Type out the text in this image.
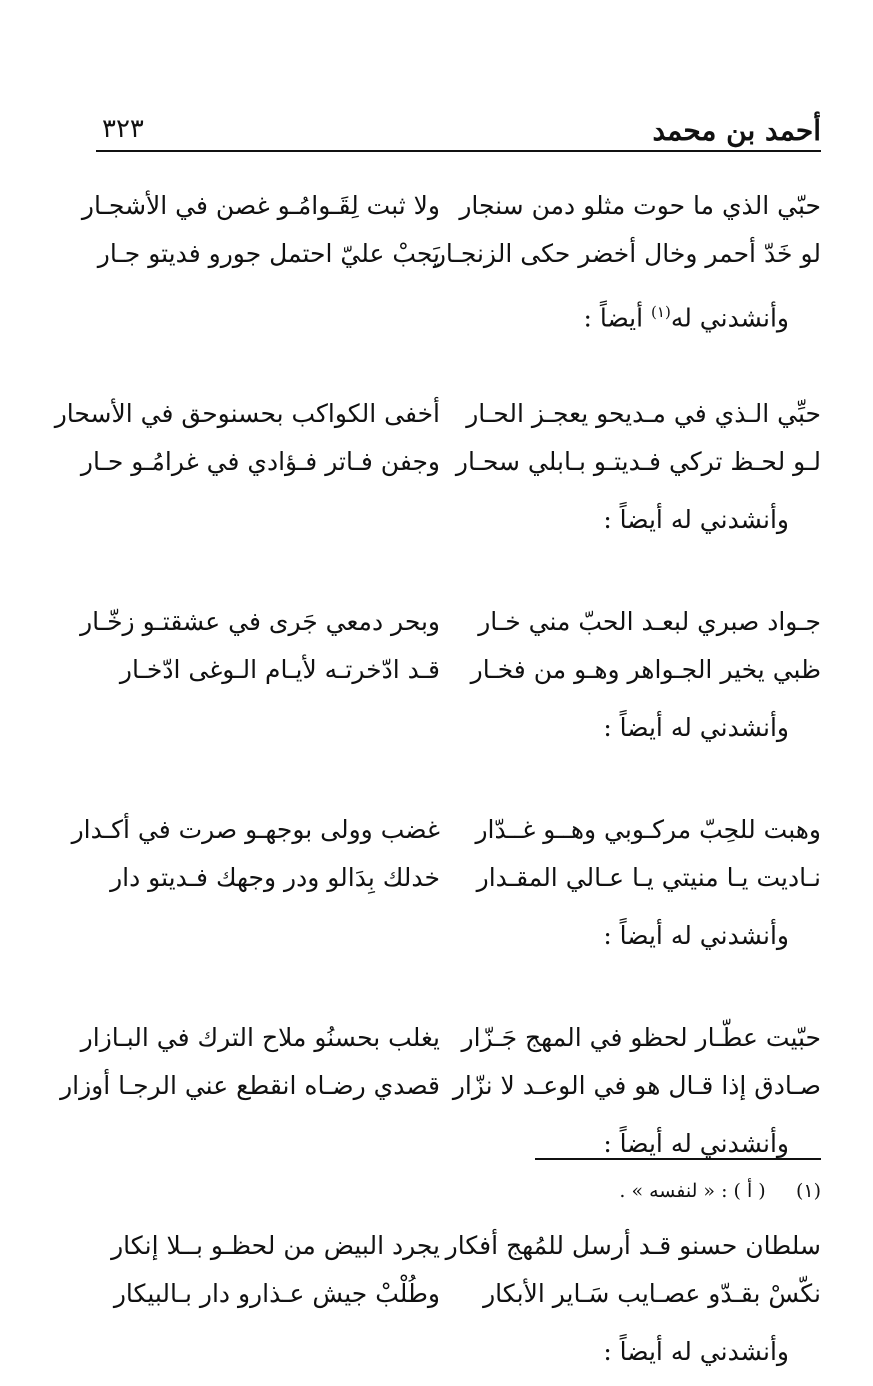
أحمد بن محمد
٣٢٣
حبّي الذي ما حوت مثلو دمن سنجار
ولا ثبت لِقَـوامُـو غصن في الأشجـار
لو خَدّ أحمر وخال أخضر حكى الزنجـار
يَجبْ عليّ احتمل جورو فديتو جـار
وأنشدني له$^{(١)}$ أيضاً :
حبِّي الـذي في مـديحو يعجـز الحـار
أخفى الكواكب بحسنوحق في الأسحار
لـو لحـظ تركي فـديتـو بـابلي سحـار
وجفن فـاتر فـؤادي في غرامُـو حـار
وأنشدني له أيضاً :
جـواد صبري لبعـد الحبّ مني خـار
وبحر دمعي جَرى في عشقتـو زخّـار
ظبي يخير الجـواهر وهـو من فخـار
قـد ادّخرتـه لأيـام الـوغى ادّخـار
وأنشدني له أيضاً :
وهبت للحِبّ مركـوبي وهــو غــدّار
غضب وولى بوجهـو صرت في أكـدار
نـاديت يـا منيتي يـا عـالي المقـدار
خدلك بِدَالو ودر وجهك فـديتو دار
وأنشدني له أيضاً :
حبّيت عطّـار لحظو في المهج جَـزّار
يغلب بحسنُو ملاح الترك في البـازار
صـادق إذا قـال هو في الوعـد لا نزّار
قصدي رضـاه انقطع عني الرجـا أوزار
وأنشدني له أيضاً :
سلطان حسنو قـد أرسل للمُهج أفكار
يجرد البيض من لحظـو بــلا إنكار
نكّسْ بقـدّو عصـايب سَـاير الأبكار
وطُلْبْ جيش عـذارو دار بـالبيكار
وأنشدني له أيضاً :
(١)     ( أ ) : « لنفسه » .
